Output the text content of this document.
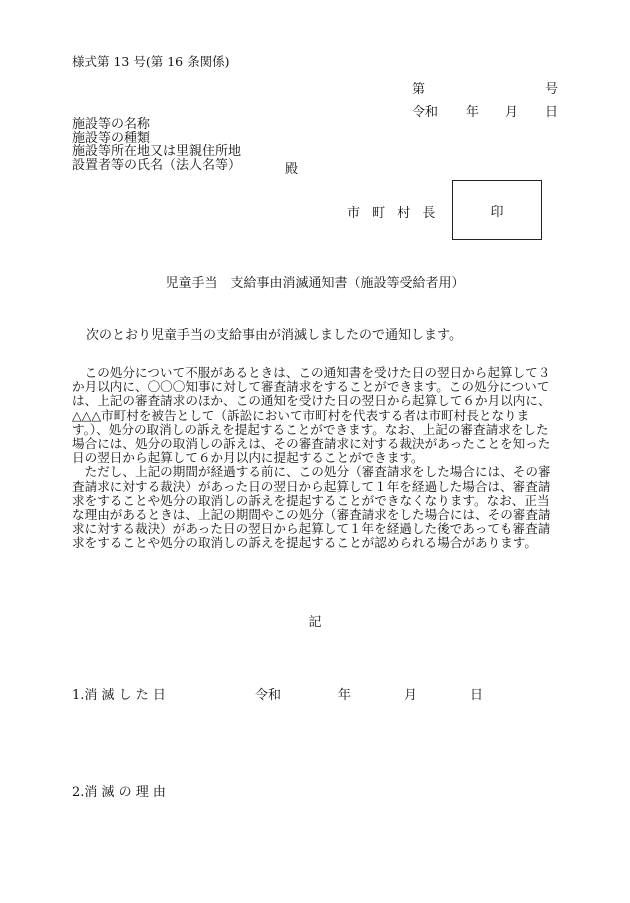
様式第 13 号(第 16 条関係)
第	号
令和 年 月 日
施設等の名称
施設等の種類
施設等所在地又は里親住所地
設置者等の氏名（法人名等）	殿
市 町 村 長	印
児童手当　支給事由消滅通知書（施設等受給者用）
次のとおり児童手当の支給事由が消滅しましたので通知します。

この処分について不服があるときは、この通知書を受けた日の翌日から起算して３か月以内に、〇〇〇知事に対して審査請求をすることができます。この処分については、上記の審査請求のほか、この通知を受けた日の翌日から起算して６か月以内に、△△△市町村を被告として（訴訟において市町村を代表する者は市町村長となります。）、処分の取消しの訴えを提起することができます。なお、上記の審査請求をした場合には、処分の取消しの訴えは、その審査請求に対する裁決があったことを知った日の翌日から起算して６か月以内に提起することができます。

ただし、上記の期間が経過する前に、この処分（審査請求をした場合には、その審査請求に対する裁決）があった日の翌日から起算して１年を経過した場合は、審査請求をすることや処分の取消しの訴えを提起することができなくなります。なお、正当な理由があるときは、上記の期間やこの処分（審査請求をした場合には、その審査請求に対する裁決）があった日の翌日から起算して１年を経過した後であっても審査請求をすることや処分の取消しの訴えを提起することが認められる場合があります。

記
1.消 滅 し た 日	令和	年	月	日
2.消 滅 の 理 由
